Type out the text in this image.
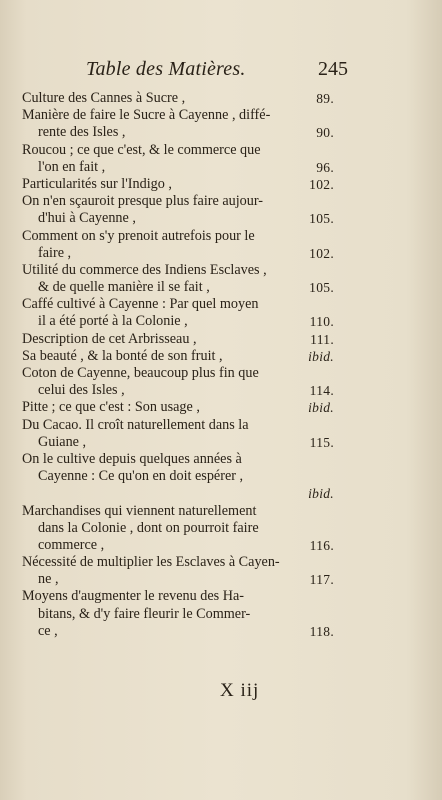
Table des Matières.	245
Culture des Cannes à Sucre ,	89.
Manière de faire le Sucre à Cayenne , diffé-
rente des Isles ,	90.
Roucou ; ce que c'est, & le commerce que
l'on en fait ,	96.
Particularités sur l'Indigo ,	102.
On n'en sçauroit presque plus faire aujour-
d'hui à Cayenne ,	105.
Comment on s'y prenoit autrefois pour le
faire ,	102.
Utilité du commerce des Indiens Esclaves ,
& de quelle manière il se fait ,	105.
Caffé cultivé à Cayenne : Par quel moyen
il a été porté à la Colonie ,	110.
Description de cet Arbrisseau ,	111.
Sa beauté , & la bonté de son fruit ,	ibid.
Coton de Cayenne, beaucoup plus fin que
celui des Isles ,	114.
Pitte ; ce que c'est : Son usage ,	ibid.
Du Cacao. Il croît naturellement dans la
Guiane ,	115.
On le cultive depuis quelques années à
Cayenne : Ce qu'on en doit espérer ,
ibid.
Marchandises qui viennent naturellement
dans la Colonie , dont on pourroit faire
commerce ,	116.
Nécessité de multiplier les Esclaves à Cayen-
ne ,	117.
Moyens d'augmenter le revenu des Ha-
bitans, & d'y faire fleurir le Commer-
ce ,	118.
X iij
